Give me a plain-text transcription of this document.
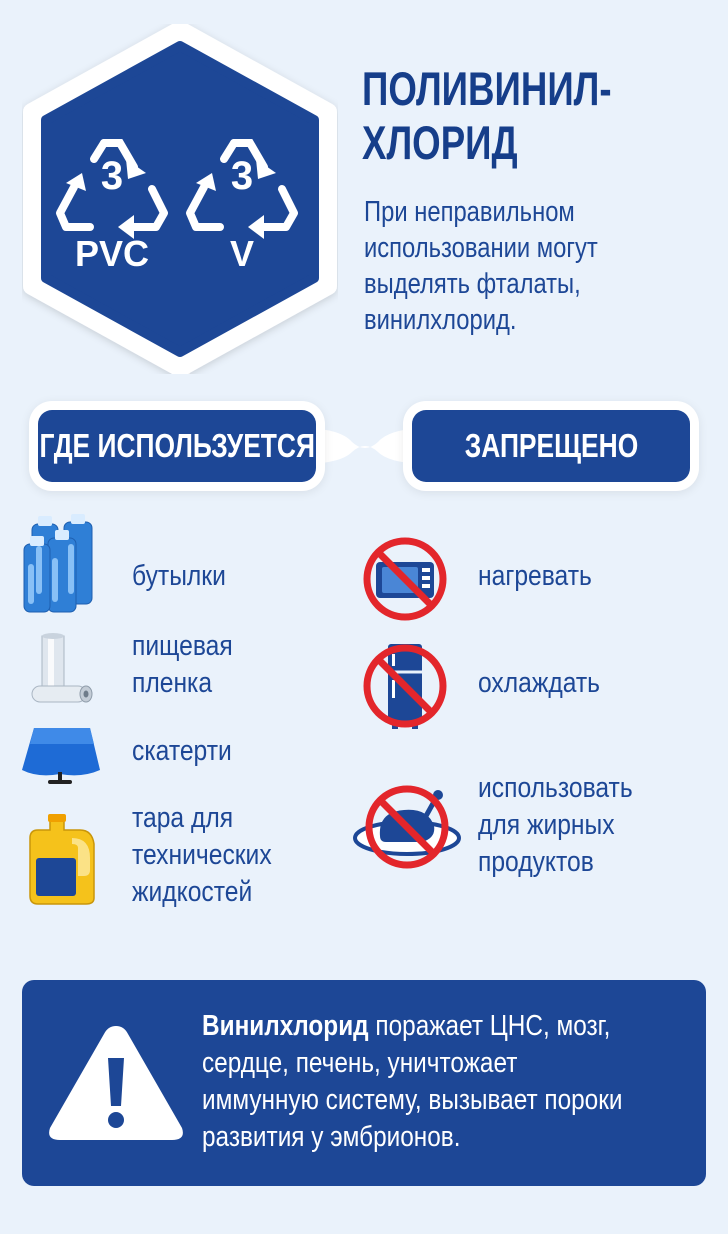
3
PVC
3
V
ПОЛИВИНИЛ-
ХЛОРИД
При неправильном
использовании могут
выделять фталаты,
винилхлорид.
ГДЕ ИСПОЛЬЗУЕТСЯ	ЗАПРЕЩЕНО
бутылки
пищевая
пленка
скатерти
тара для
технических
жидкостей
нагревать
охлаждать
использовать
для жирных
продуктов
Винилхлорид поражает ЦНС, мозг,
сердце, печень, уничтожает
иммунную систему, вызывает пороки
развития у эмбрионов.
